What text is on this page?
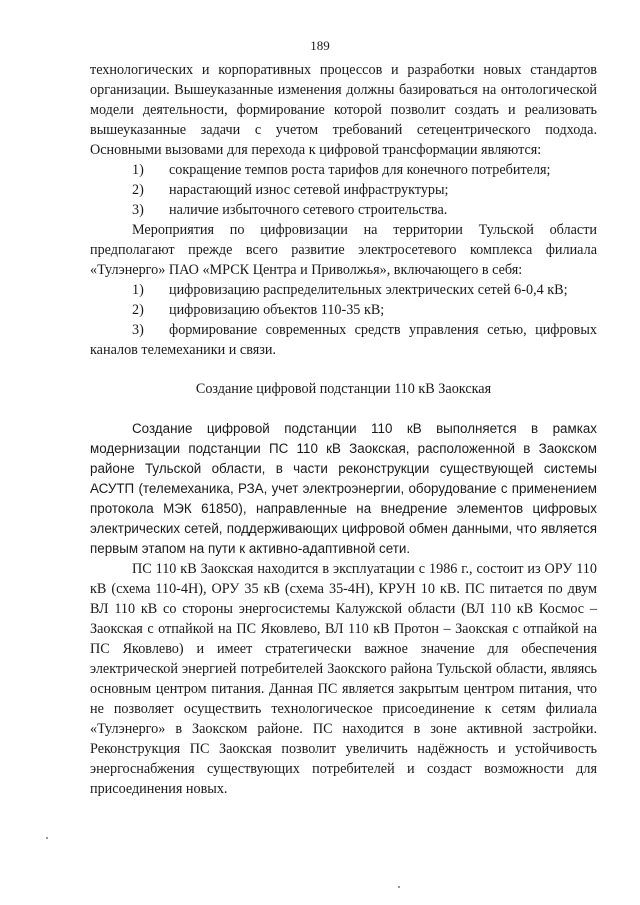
189

технологических и корпоративных процессов и разработки новых стандартов организации. Вышеуказанные изменения должны базироваться на онтологической модели деятельности, формирование которой позволит создать и реализовать вышеуказанные задачи с учетом требований сетецентрического подхода. Основными вызовами для перехода к цифровой трансформации являются:

1) сокращение темпов роста тарифов для конечного потребителя;

2) нарастающий износ сетевой инфраструктуры;

3) наличие избыточного сетевого строительства.

Мероприятия по цифровизации на территории Тульской области предполагают прежде всего развитие электросетевого комплекса филиала «Тулэнерго» ПАО «МРСК Центра и Приволжья», включающего в себя:

1) цифровизацию распределительных электрических сетей 6-0,4 кВ;

2) цифровизацию объектов 110-35 кВ;

3) формирование современных средств управления сетью, цифровых каналов телемеханики и связи.

Создание цифровой подстанции 110 кВ Заокская

Создание цифровой подстанции 110 кВ выполняется в рамках модернизации подстанции ПС 110 кВ Заокская, расположенной в Заокском районе Тульской области, в части реконструкции существующей системы АСУТП (телемеханика, РЗА, учет электроэнергии, оборудование с применением протокола МЭК 61850), направленные на внедрение элементов цифровых электрических сетей, поддерживающих цифровой обмен данными, что является первым этапом на пути к активно-адаптивной сети.

ПС 110 кВ Заокская находится в эксплуатации с 1986 г., состоит из ОРУ 110 кВ (схема 110-4Н), ОРУ 35 кВ (схема 35-4Н), КРУН 10 кВ. ПС питается по двум ВЛ 110 кВ со стороны энергосистемы Калужской области (ВЛ 110 кВ Космос – Заокская с отпайкой на ПС Яковлево, ВЛ 110 кВ Протон – Заокская с отпайкой на ПС Яковлево) и имеет стратегически важное значение для обеспечения электрической энергией потребителей Заокского района Тульской области, являясь основным центром питания. Данная ПС является закрытым центром питания, что не позволяет осуществить технологическое присоединение к сетям филиала «Тулэнерго» в Заокском районе. ПС находится в зоне активной застройки. Реконструкция ПС Заокская позволит увеличить надёжность и устойчивость энергоснабжения существующих потребителей и создаст возможности для присоединения новых.
